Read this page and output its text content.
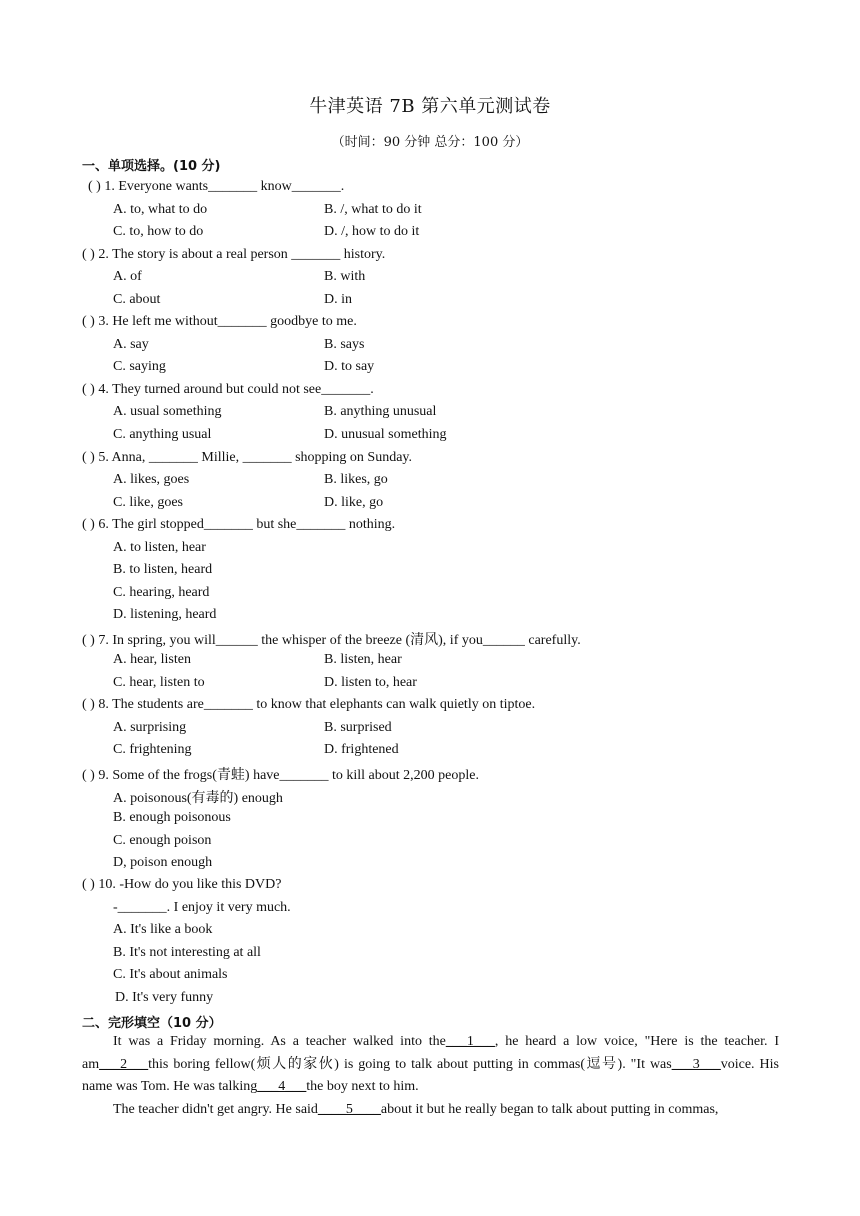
牛津英语 7B 第六单元测试卷
（时间：90 分钟 总分：100 分）
一、单项选择。(10 分)
( ) 1. Everyone wants_______ know_______.
A. to, what to do	B. /, what to do it
C. to, how to do	D. /, how to do it
( ) 2. The story is about a real person _______ history.
A. of	B. with
C. about	D. in
( ) 3. He left me without_______ goodbye to me.
A. say	B. says
C. saying	D. to say
( ) 4. They turned around but could not see_______.
A. usual something	B. anything unusual
C. anything usual	D. unusual something
( ) 5. Anna, _______ Millie, _______ shopping on Sunday.
A. likes, goes	B. likes, go
C. like, goes	D. like, go
( ) 6. The girl stopped_______ but she_______ nothing.
A. to listen, hear
B. to listen, heard
C. hearing, heard
D. listening, heard
( ) 7. In spring, you will______ the whisper of the breeze (清风), if you______ carefully.
A. hear, listen	B. listen, hear
C. hear, listen to	D. listen to, hear
( ) 8. The students are_______ to know that elephants can walk quietly on tiptoe.
A. surprising	B. surprised
C. frightening	D. frightened
( ) 9. Some of the frogs(青蛙) have_______ to kill about 2,200 people.
A. poisonous(有毒的) enough
B. enough poisonous
C. enough poison
D, poison enough
( ) 10. -How do you like this DVD?
-_______. I enjoy it very much.
A. It's like a book
B. It's not interesting at all
C. It's about animals
D. It's very funny
二、完形填空（10 分）

It was a Friday morning. As a teacher walked into the___1___, he heard a low voice, "Here is the teacher. I am___2___this boring fellow(烦人的家伙) is going to talk about putting in commas(逗号). "It was___3___voice. His name was Tom. He was talking___4___the boy next to him.

The teacher didn't get angry. He said____5____about it but he really began to talk about putting in commas,
